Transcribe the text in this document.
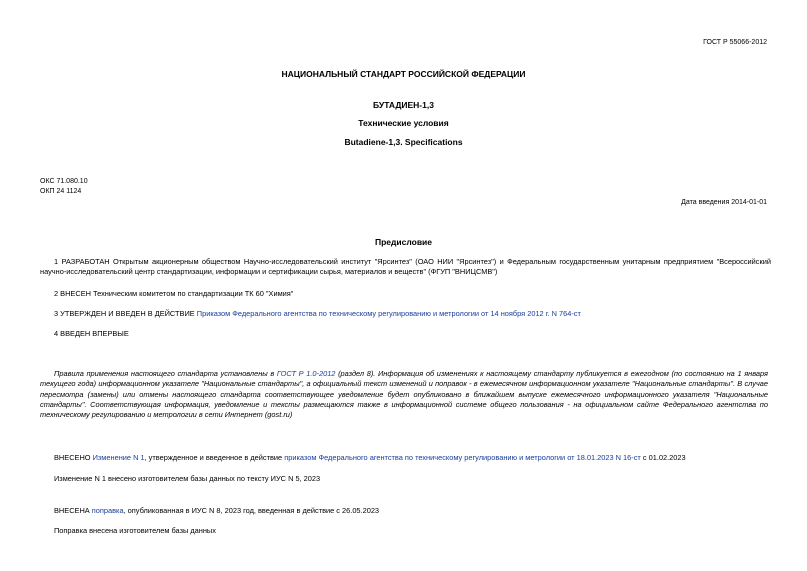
ГОСТ Р 55066-2012
НАЦИОНАЛЬНЫЙ СТАНДАРТ РОССИЙСКОЙ ФЕДЕРАЦИИ
БУТАДИЕН-1,3
Технические условия
Butadiene-1,3. Specifications
ОКС 71.080.10
ОКП 24 1124
Дата введения 2014-01-01
Предисловие
1 РАЗРАБОТАН Открытым акционерным обществом Научно-исследовательский институт "Ярсинтез" (ОАО НИИ "Ярсинтез") и Федеральным государственным унитарным предприятием "Всероссийский научно-исследовательский центр стандартизации, информации и сертификации сырья, материалов и веществ" (ФГУП "ВНИЦСМВ")
2 ВНЕСЕН Техническим комитетом по стандартизации ТК 60 "Химия"
3 УТВЕРЖДЕН И ВВЕДЕН В ДЕЙСТВИЕ Приказом Федерального агентства по техническому регулированию и метрологии от 14 ноября 2012 г. N 764-ст
4 ВВЕДЕН ВПЕРВЫЕ
Правила применения настоящего стандарта установлены в ГОСТ Р 1.0-2012 (раздел 8). Информация об изменениях к настоящему стандарту публикуется в ежегодном (по состоянию на 1 января текущего года) информационном указателе "Национальные стандарты", а официальный текст изменений и поправок - в ежемесячном информационном указателе "Национальные стандарты". В случае пересмотра (замены) или отмены настоящего стандарта соответствующее уведомление будет опубликовано в ближайшем выпуске ежемесячного информационного указателя "Национальные стандарты". Соответствующая информация, уведомление и тексты размещаются также в информационной системе общего пользования - на официальном сайте Федерального агентства по техническому регулированию и метрологии в сети Интернет (gost.ru)
ВНЕСЕНО Изменение N 1, утвержденное и введенное в действие приказом Федерального агентства по техническому регулированию и метрологии от 18.01.2023 N 16-ст с 01.02.2023
Изменение N 1 внесено изготовителем базы данных по тексту ИУС N 5, 2023
ВНЕСЕНА поправка, опубликованная в ИУС N 8, 2023 год, введенная в действие с 26.05.2023
Поправка внесена изготовителем базы данных
